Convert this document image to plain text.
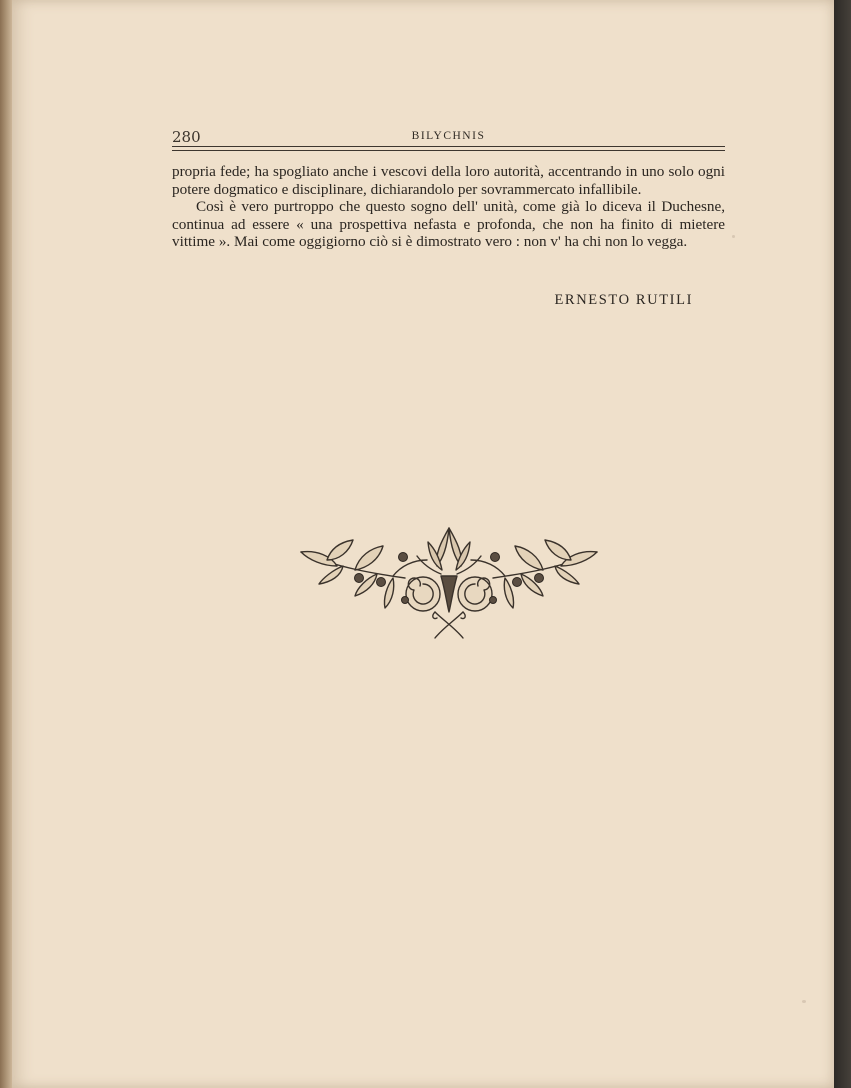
280	BILYCHNIS

propria fede; ha spogliato anche i vescovi della loro autorità, accentrando in uno solo ogni potere dogmatico e disciplinare, dichiarandolo per sovrammercato infallibile.

Così è vero purtroppo che questo sogno dell' unità, come già lo diceva il Duchesne, continua ad essere « una prospettiva nefasta e profonda, che non ha finito di mietere vittime ». Mai come oggigiorno ciò si è dimostrato vero : non v' ha chi non lo vegga.

ERNESTO RUTILI
